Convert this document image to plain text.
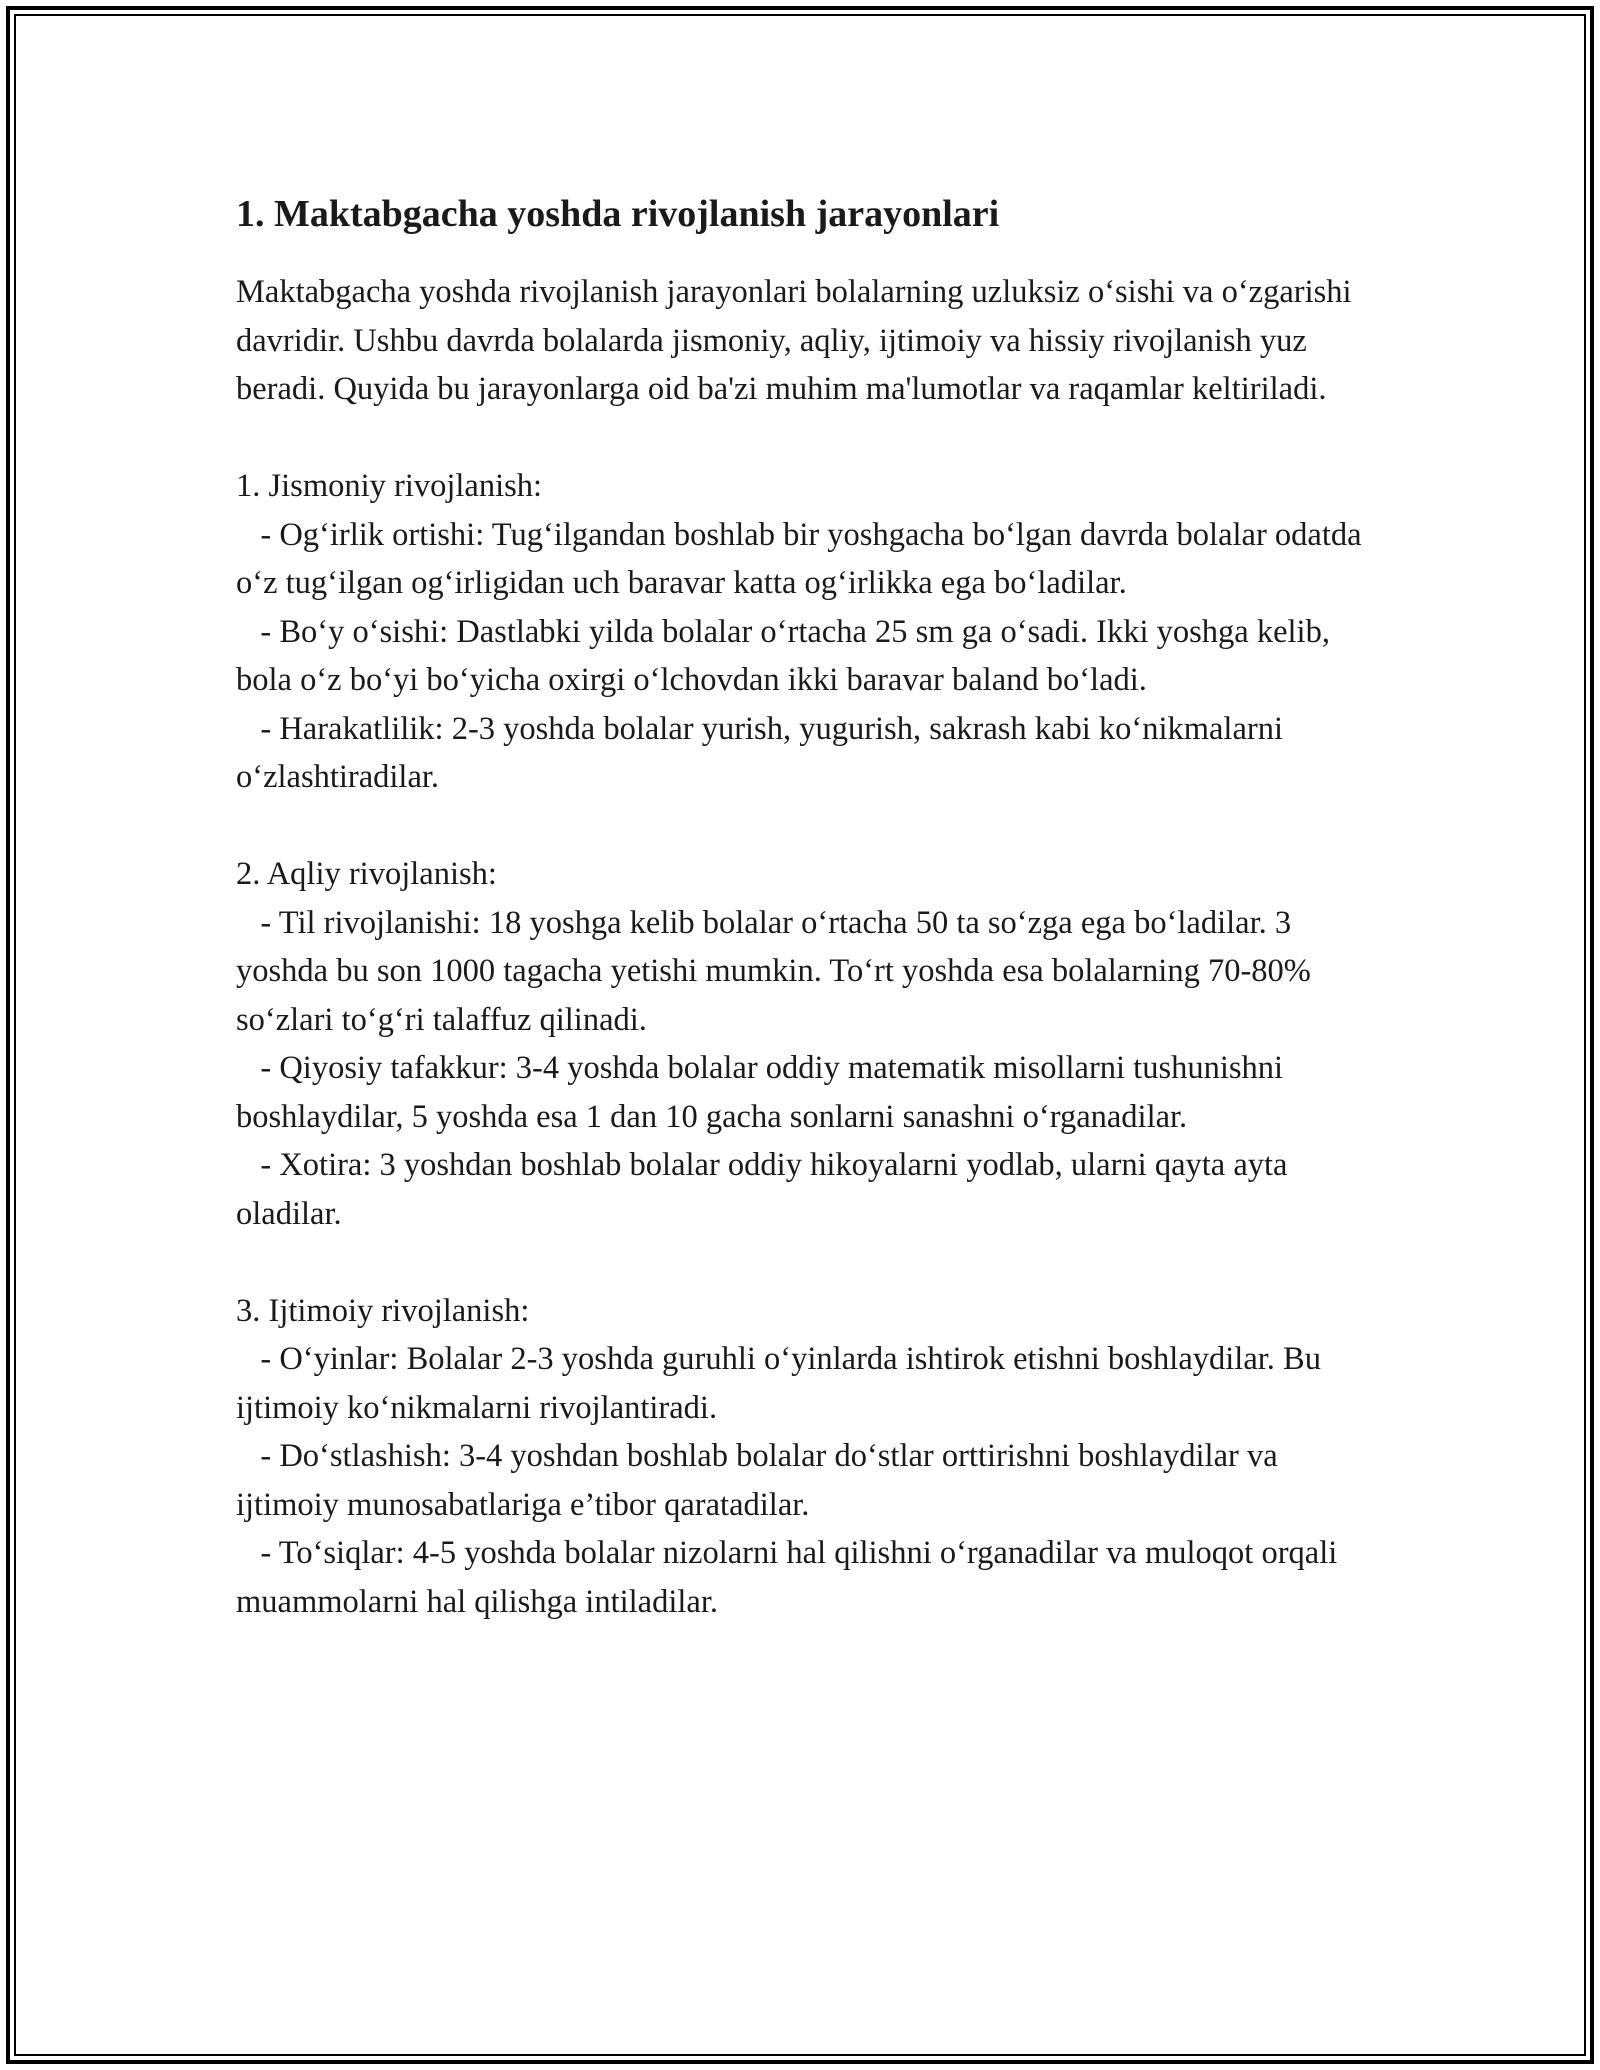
1. Maktabgacha yoshda rivojlanish jarayonlari

Maktabgacha yoshda rivojlanish jarayonlari bolalarning uzluksiz o‘sishi va o‘zgarishi davridir. Ushbu davrda bolalarda jismoniy, aqliy, ijtimoiy va hissiy rivojlanish yuz beradi. Quyida bu jarayonlarga oid ba'zi muhim ma'lumotlar va raqamlar keltiriladi.

1. Jismoniy rivojlanish:

- Og‘irlik ortishi: Tug‘ilgandan boshlab bir yoshgacha bo‘lgan davrda bolalar odatda o‘z tug‘ilgan og‘irligidan uch baravar katta og‘irlikka ega bo‘ladilar.

- Bo‘y o‘sishi: Dastlabki yilda bolalar o‘rtacha 25 sm ga o‘sadi. Ikki yoshga kelib, bola o‘z bo‘yi bo‘yicha oxirgi o‘lchovdan ikki baravar baland bo‘ladi.

- Harakatlilik: 2-3 yoshda bolalar yurish, yugurish, sakrash kabi ko‘nikmalarni o‘zlashtiradilar.

2. Aqliy rivojlanish:

- Til rivojlanishi: 18 yoshga kelib bolalar o‘rtacha 50 ta so‘zga ega bo‘ladilar. 3 yoshda bu son 1000 tagacha yetishi mumkin. To‘rt yoshda esa bolalarning 70-80% so‘zlari to‘g‘ri talaffuz qilinadi.

- Qiyosiy tafakkur: 3-4 yoshda bolalar oddiy matematik misollarni tushunishni boshlaydilar, 5 yoshda esa 1 dan 10 gacha sonlarni sanashni o‘rganadilar.

- Xotira: 3 yoshdan boshlab bolalar oddiy hikoyalarni yodlab, ularni qayta ayta oladilar.

3. Ijtimoiy rivojlanish:

- O‘yinlar: Bolalar 2-3 yoshda guruhli o‘yinlarda ishtirok etishni boshlaydilar. Bu ijtimoiy ko‘nikmalarni rivojlantiradi.

- Do‘stlashish: 3-4 yoshdan boshlab bolalar do‘stlar orttirishni boshlaydilar va ijtimoiy munosabatlariga e’tibor qaratadilar.

- To‘siqlar: 4-5 yoshda bolalar nizolarni hal qilishni o‘rganadilar va muloqot orqali muammolarni hal qilishga intiladilar.
